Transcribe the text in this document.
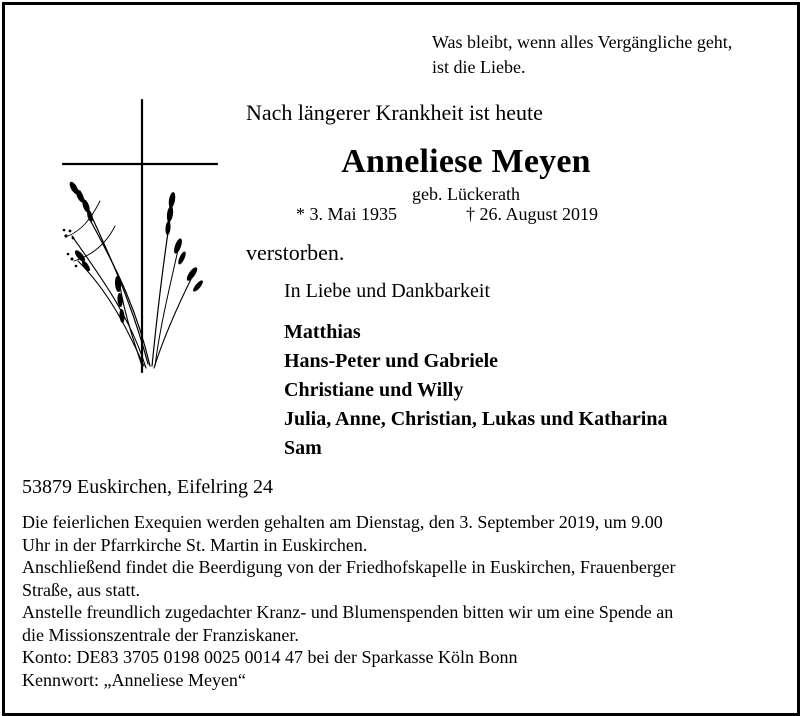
Was bleibt, wenn alles Vergängliche geht,
ist die Liebe.
Nach längerer Krankheit ist heute
Anneliese Meyen
geb. Lückerath
* 3. Mai 1935	† 26. August 2019
verstorben.
In Liebe und Dankbarkeit
Matthias
Hans-Peter und Gabriele
Christiane und Willy
Julia, Anne, Christian, Lukas und Katharina
Sam
53879 Euskirchen, Eifelring 24
Die feierlichen Exequien werden gehalten am Dienstag, den 3. September 2019, um 9.00
Uhr in der Pfarrkirche St. Martin in Euskirchen.
Anschließend findet die Beerdigung von der Friedhofskapelle in Euskirchen, Frauenberger
Straße, aus statt.
Anstelle freundlich zugedachter Kranz- und Blumenspenden bitten wir um eine Spende an
die Missionszentrale der Franziskaner.
Konto: DE83 3705 0198 0025 0014 47 bei der Sparkasse Köln Bonn
Kennwort: „Anneliese Meyen“
